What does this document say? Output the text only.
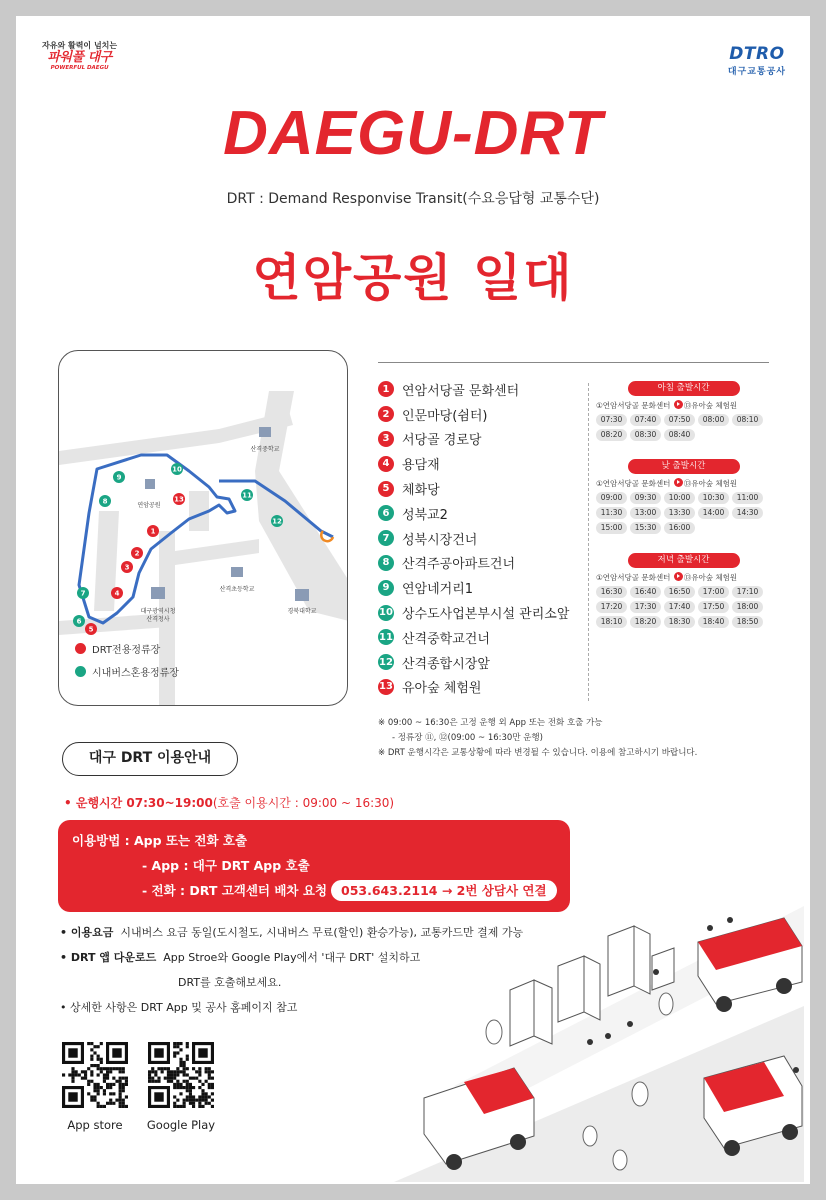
자유와 활력이 넘치는
파워풀 대구
POWERFUL DAEGU
DTRO
대구교통공사
DAEGU-DRT
DRT : Demand Responvise Transit(수요응답형 교통수단)
연암공원 일대
1
2
3
4
5
6
7
8
9
10
11
12
13
산격중학교
연암공원
대구광역시청
산격청사
산격초등학교
경북대학교
DRT전용정류장
시내버스혼용정류장
1 연암서당골 문화센터
2 인문마당(쉼터)
3 서당골 경로당
4 용담재
5 체화당
6 성북교2
7 성북시장건너
8 산격주공아파트건너
9 연암네거리1
10 상수도사업본부시설 관리소앞
11 산격중학교건너
12 산격종합시장앞
13 유아숲 체험원
아침 출발시간
①연암서당골 문화센터 ⑬유아숲 체험원
07:30	07:40	07:50	08:00	08:10
08:20	08:30	08:40
낮 출발시간
①연암서당골 문화센터 ⑬유아숲 체험원
09:00	09:30	10:00	10:30	11:00
11:30	13:00	13:30	14:00	14:30
15:00	15:30	16:00
저녁 출발시간
①연암서당골 문화센터 ⑬유아숲 체험원
16:30	16:40	16:50	17:00	17:10
17:20	17:30	17:40	17:50	18:00
18:10	18:20	18:30	18:40	18:50
※ 09:00 ~ 16:30은 고정 운행 외 App 또는 전화 호출 가능
- 정류장 ⑪, ⑫(09:00 ~ 16:30만 운행)
※ DRT 운행시각은 교통상황에 따라 변경될 수 있습니다. 이용에 참고하시기 바랍니다.
대구 DRT 이용안내
• 운행시간 07:30~19:00(호출 이용시간 : 09:00 ~ 16:30)
이용방법 : App 또는 전화 호출
- App : 대구 DRT App 호출
- 전화 : DRT 고객센터 배차 요청 053.643.2114 → 2번 상담사 연결
• 이용요금 시내버스 요금 동일(도시철도, 시내버스 무료(할인) 환승가능), 교통카드만 결제 가능
• DRT 앱 다운로드 App Stroe와 Google Play에서 '대구 DRT' 설치하고
DRT를 호출해보세요.
• 상세한 사항은 DRT App 및 공사 홈페이지 참고
App store	Google Play
